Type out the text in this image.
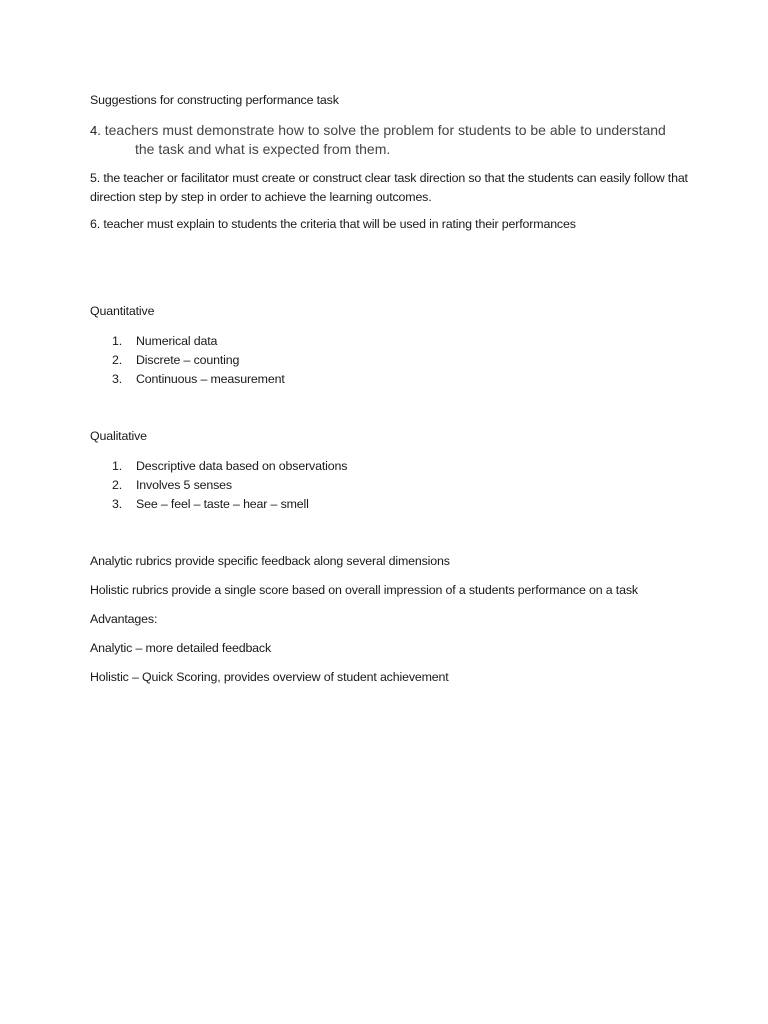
Suggestions for constructing performance task
4. teachers must demonstrate how to solve the problem for students to be able to understand
the task and what is expected from them.
5. the teacher or facilitator must create or construct clear task direction so that the students can easily follow that direction step by step in order to achieve the learning outcomes.
6. teacher must explain to students the criteria that will be used in rating their performances
Quantitative
1. Numerical data
2. Discrete – counting
3. Continuous – measurement
Qualitative
1. Descriptive data based on observations
2. Involves 5 senses
3. See – feel – taste – hear – smell
Analytic rubrics provide specific feedback along several dimensions
Holistic rubrics provide a single score based on overall impression of a students performance on a task
Advantages:
Analytic – more detailed feedback
Holistic – Quick Scoring, provides overview of student achievement
